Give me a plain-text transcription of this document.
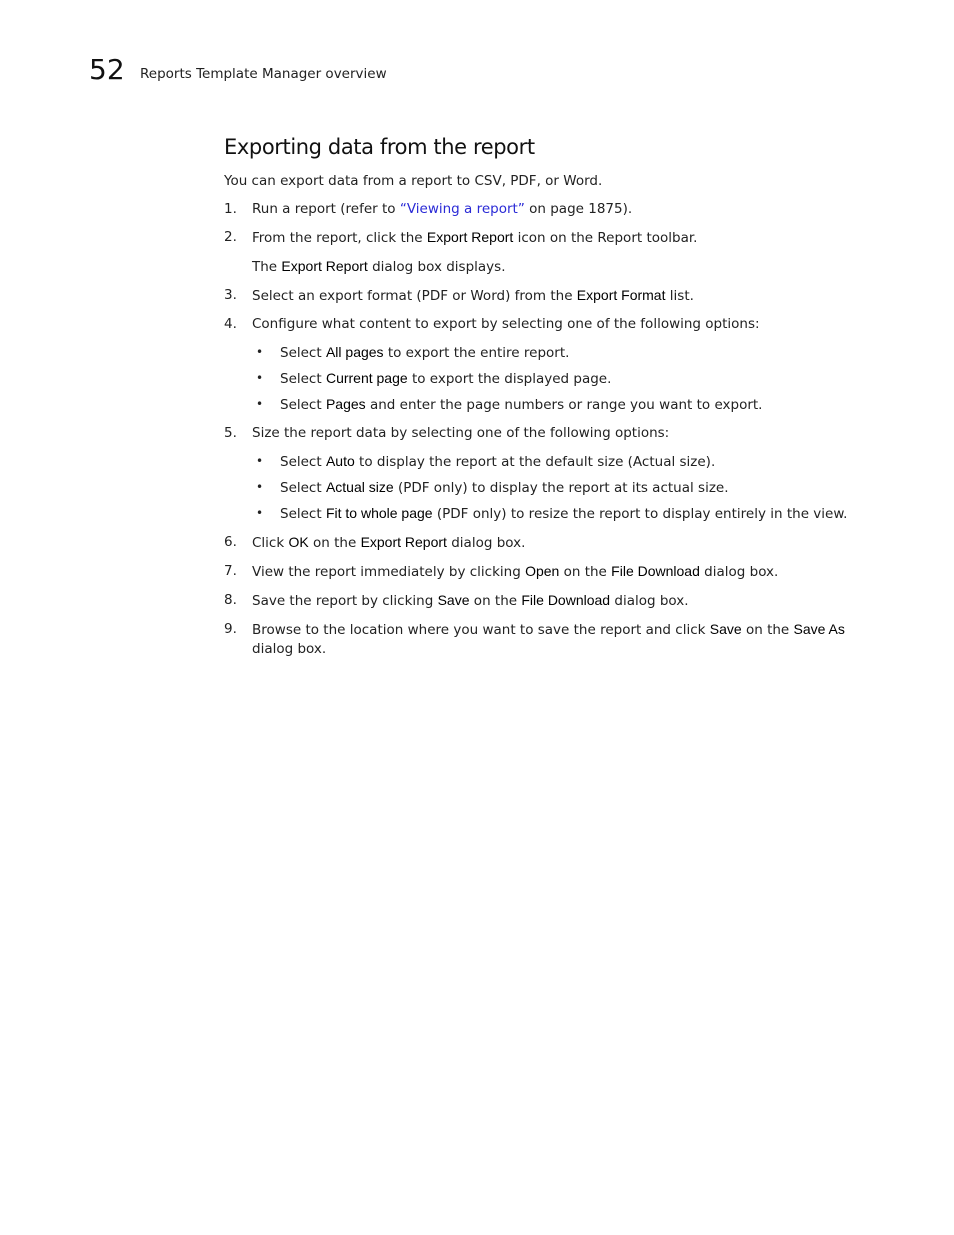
52 Reports Template Manager overview
Exporting data from the report

You can export data from a report to CSV, PDF, or Word.

1. Run a report (refer to “Viewing a report” on page 1875).
2. From the report, click the Export Report icon on the Report toolbar.
The Export Report dialog box displays.
3. Select an export format (PDF or Word) from the Export Format list.
4. Configure what content to export by selecting one of the following options:
• Select All pages to export the entire report.
• Select Current page to export the displayed page.
• Select Pages and enter the page numbers or range you want to export.
5. Size the report data by selecting one of the following options:
• Select Auto to display the report at the default size (Actual size).
• Select Actual size (PDF only) to display the report at its actual size.
• Select Fit to whole page (PDF only) to resize the report to display entirely in the view.
6. Click OK on the Export Report dialog box.
7. View the report immediately by clicking Open on the File Download dialog box.
8. Save the report by clicking Save on the File Download dialog box.
9. Browse to the location where you want to save the report and click Save on the Save As dialog box.
